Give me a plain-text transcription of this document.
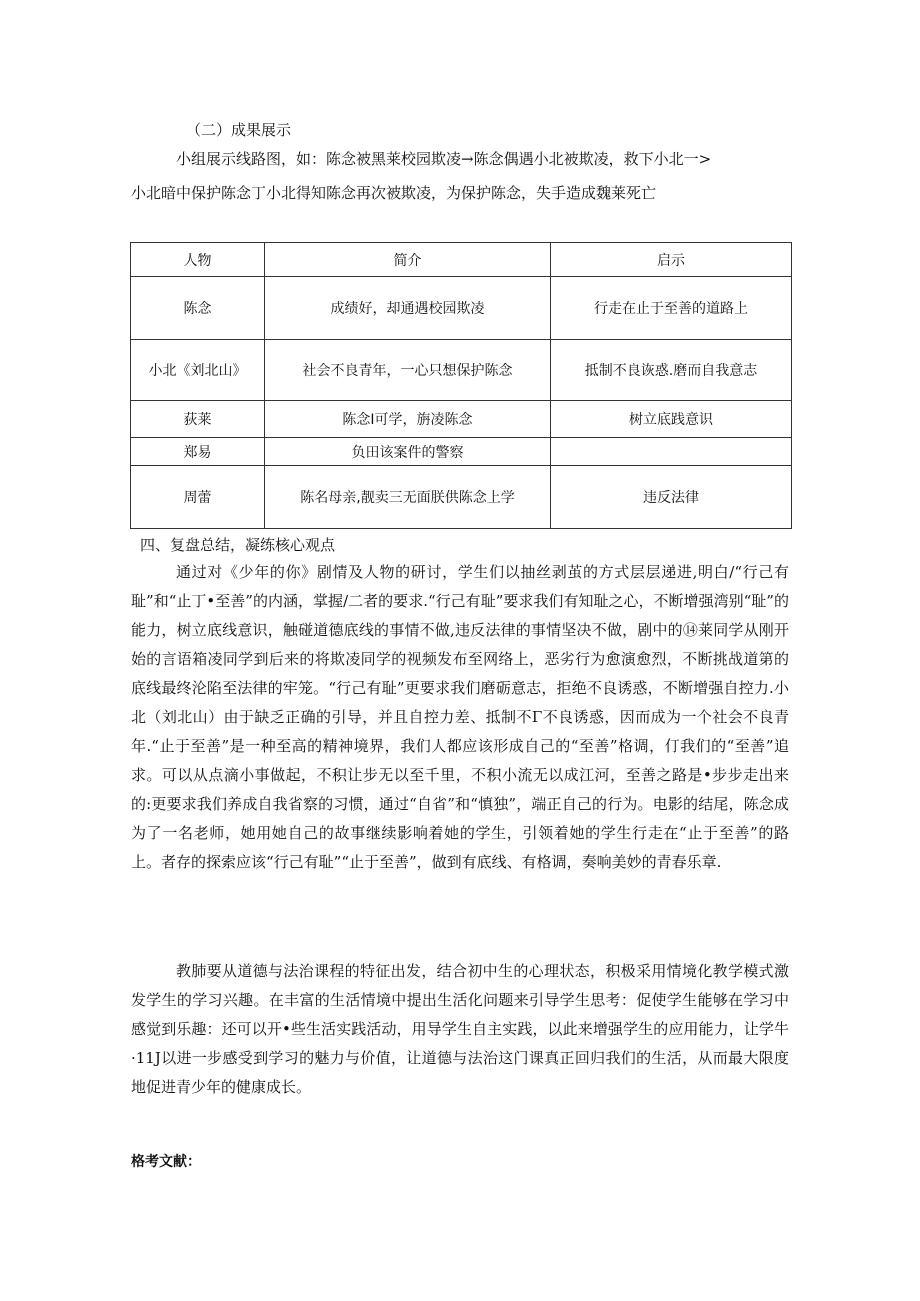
（二）成果展示
小组展示线路图，如：陈念被黑莱校园欺凌→陈念偶遇小北被欺凌，救下小北一>
小北暗中保护陈念丁小北得知陈念再次被欺凌，为保护陈念，失手造成魏莱死亡
人物	简介	启示
陈念	成绩好，却通遇校园欺凌	行走在止于至善的道路上
小北《刘北山》	社会不良青年，一心只想保护陈念	抵制不良诙惑.磨而自我意志
荻莱	陈念I可学，旃凌陈念	树立底践意识
郑易	负田该案件的警察	
周蕾	陈名母亲,靓卖三无面朕供陈念上学	违反法律
四、复盘总结，凝练核心观点

通过对《少年的你》剧情及人物的研讨，学生们以抽丝剥茧的方式层层递进,明白/“行己有耻”和“止丁•至善”的内涵，掌握/二者的要求.“行己有耻”要求我们有知耻之心，不断增强湾别“耻”的能力，树立底线意识，触碰道德底线的事情不做,违反法律的事情坚决不做，剧中的⑭莱同学从刚开始的言语箱凌同学到后来的将欺凌同学的视频发布至网络上，恶劣行为愈演愈烈，不断挑战道第的底线最终沦陷至法律的牢笼。“行己有耻”更要求我们磨砺意志，拒绝不良诱惑，不断增强自控力.小北（刘北山）由于缺乏正确的引导，并且自控力差、抵制不Γ不良诱惑，因而成为一个社会不良青年.“止于至善”是一种至高的精神境界，我们人都应该形成自己的“至善”格调，仃我们的“至善”追求。可以从点滴小事做起，不积让步无以至千里，不积小流无以成江河，至善之路是•步步走出来的:更要求我们养成自我省察的习惯，通过“自省”和“慎独”，端正自己的行为。电影的结尾，陈念成为了一名老师，她用她自己的故事继续影响着她的学生，引领着她的学生行走在“止于至善”的路上。者存的探索应该“行己有耻”“止于至善”，做到有底线、有格调，奏响美妙的青春乐章.

教肺要从道德与法治课程的特征出发，结合初中生的心理状态，积极采用情境化教学模式激发学生的学习兴趣。在丰富的生活情境中提出生活化问题来引导学生思考：促使学生能够在学习中感觉到乐趣：还可以开•些生活实践活动，用导学生自主实践，以此来增强学生的应用能力，让学牛·11J以进一步感受到学习的魅力与价值，让道德与法治这门课真正回归我们的生活，从而最大限度地促进青少年的健康成长。

格考文献：
